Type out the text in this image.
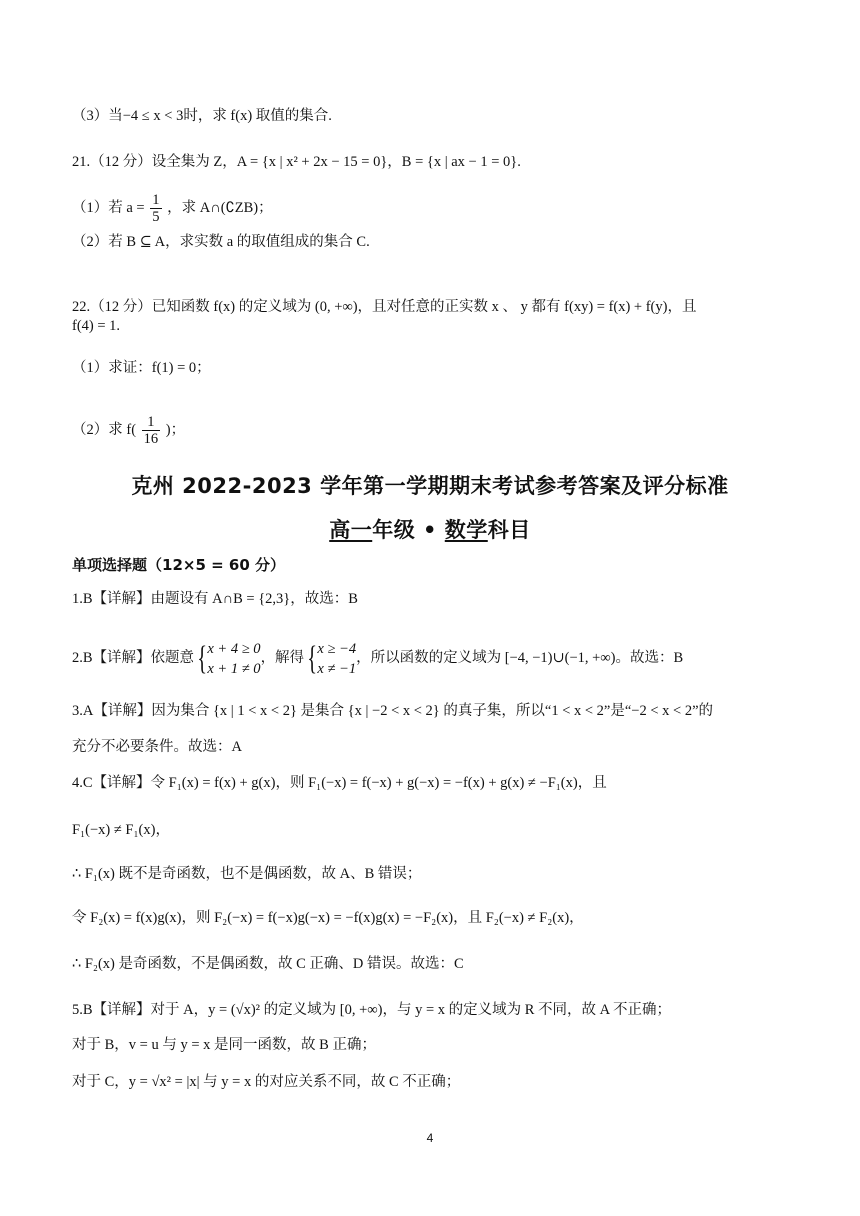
（3）当−4 ≤ x < 3时，求 f(x) 取值的集合.
21.（12 分）设全集为 Z，A = {x | x² + 2x − 15 = 0}，B = {x | ax − 1 = 0}.
（1）若 $a = \frac{1}{5}$ ，求 A∩(∁ZB)；
（2）若 B ⊆ A，求实数 a 的取值组成的集合 C.
22.（12 分）已知函数 f(x) 的定义域为 (0, +∞)，且对任意的正实数 x 、 y 都有 f(xy) = f(x) + f(y)，且
f(4) = 1.
（1）求证：f(1) = 0；
（2）求 $f( \frac{1}{16}$ )；
克州 2022-2023 学年第一学期期末考试参考答案及评分标准
高一年级 • 数学科目
单项选择题（12×5 = 60 分）
1.B【详解】由题设有 A∩B = {2,3}，故选：B
2.B【详解】依题意{ x + 4 ≥ 0
x + 1 ≠ 0
，解得{ x ≥ −4
x ≠ −1
，所以函数的定义域为 [−4, −1)∪(−1, +∞)。故选：B
3.A【详解】因为集合 {x | 1 < x < 2} 是集合 {x | −2 < x < 2} 的真子集，所以“1 < x < 2”是“−2 < x < 2”的
充分不必要条件。故选：A
4.C【详解】令 F₁(x) = f(x) + g(x)，则 F₁(−x) = f(−x) + g(−x) = −f(x) + g(x) ≠ −F₁(x)，且
F₁(−x) ≠ F₁(x)，
∴ F₁(x) 既不是奇函数，也不是偶函数，故 A、B 错误；
令 F₂(x) = f(x)g(x)，则 F₂(−x) = f(−x)g(−x) = −f(x)g(x) = −F₂(x)，且 F₂(−x) ≠ F₂(x)，
∴ F₂(x) 是奇函数，不是偶函数，故 C 正确、D 错误。故选：C
5.B【详解】对于 A，y = (√x)² 的定义域为 [0, +∞)，与 y = x 的定义域为 R 不同，故 A 不正确；
对于 B，v = u 与 y = x 是同一函数，故 B 正确；
对于 C，y = √x² = |x| 与 y = x 的对应关系不同，故 C 不正确；
4
